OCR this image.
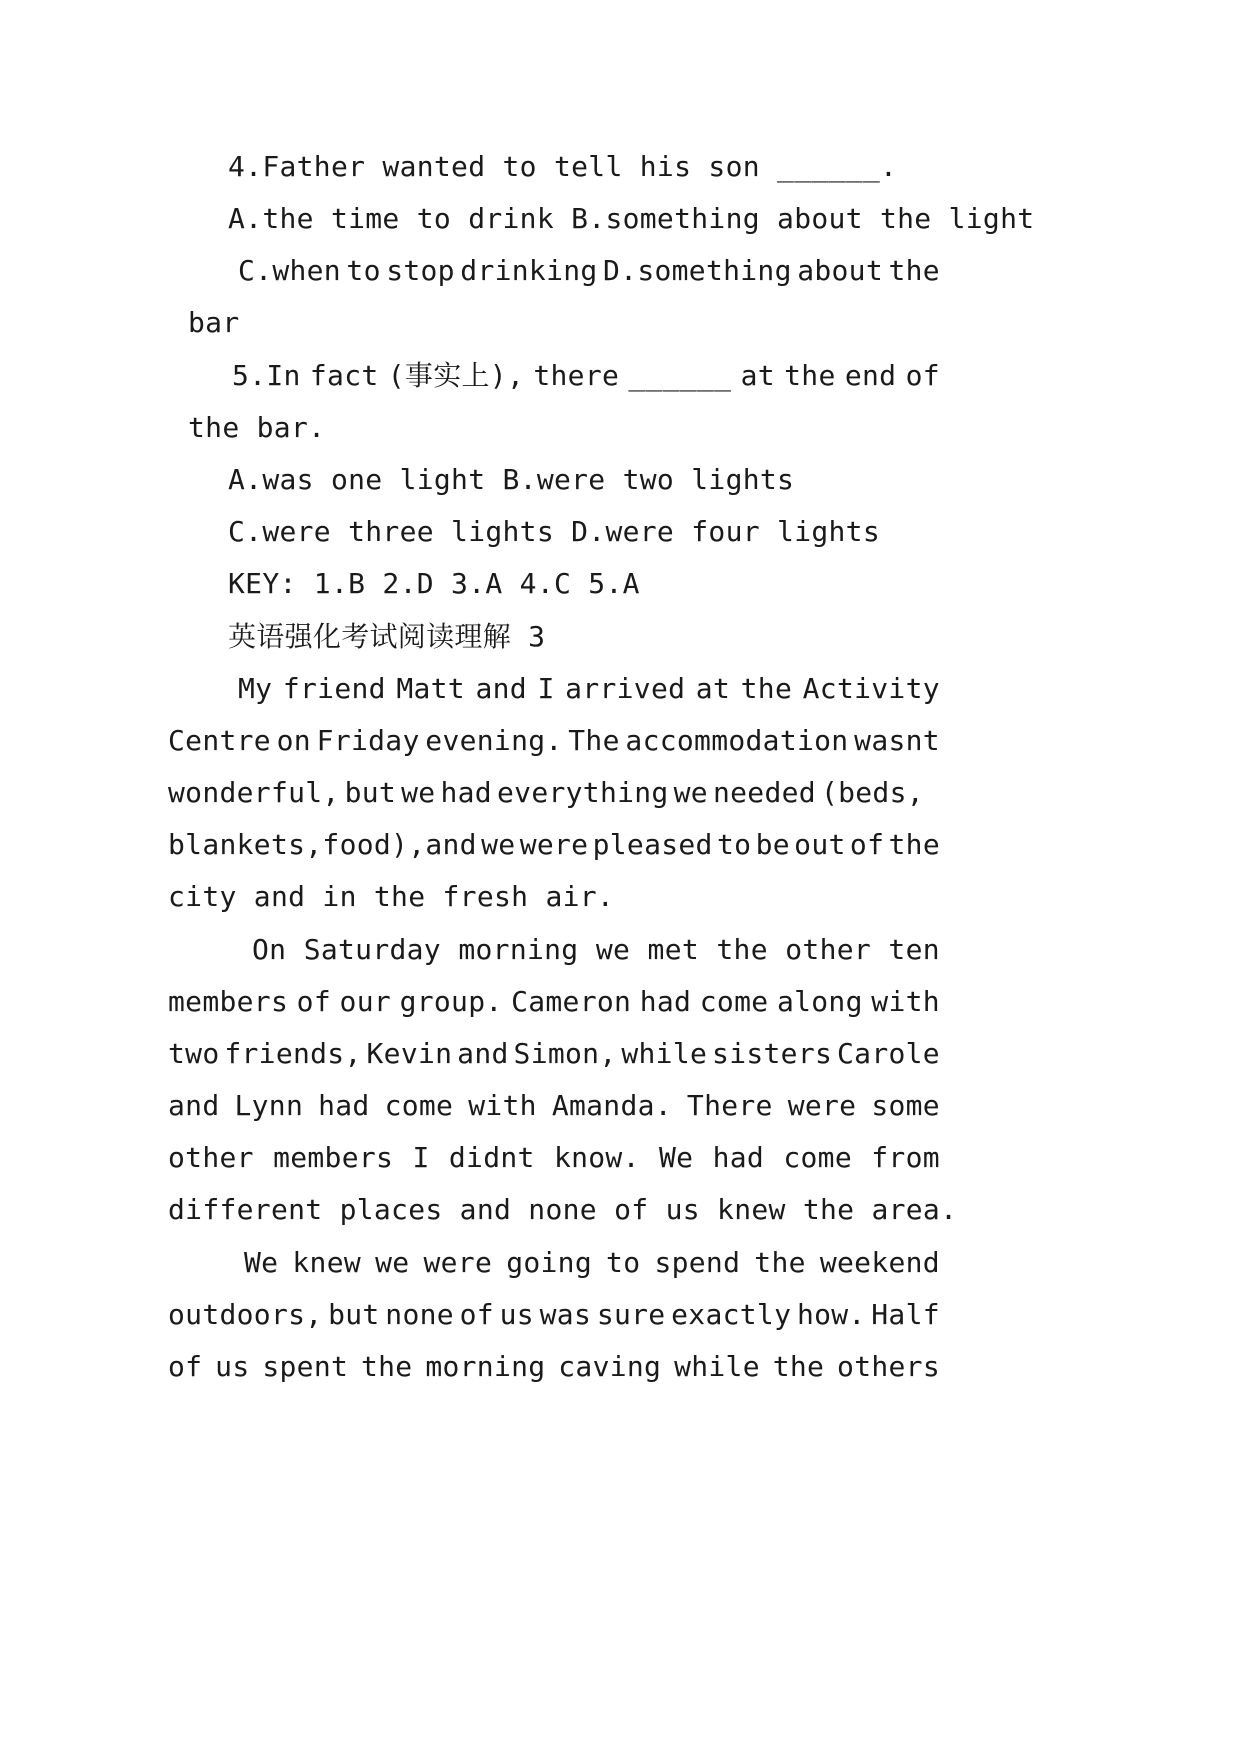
4.Father wanted to tell his son ______.
A.the time to drink B.something about the light
C.when to stop drinking D.something about the
bar
5.In fact (事实上), there ______ at the end of
the bar.
A.was one light B.were two lights
C.were three lights D.were four lights
KEY: 1.B 2.D 3.A 4.C 5.A
英语强化考试阅读理解 3
My friend Matt and I arrived at the Activity
Centre on Friday evening. The accommodation wasnt
wonderful, but we had everything we needed (beds,
blankets,food),and we were pleased to be out of the
city and in the fresh air.
On Saturday morning we met the other ten
members of our group. Cameron had come along with
two friends, Kevin and Simon, while sisters Carole
and Lynn had come with Amanda. There were some
other members I didnt know. We had come from
different places and none of us knew the area.
We knew we were going to spend the weekend
outdoors, but none of us was sure exactly how. Half
of us spent the morning caving while the others
